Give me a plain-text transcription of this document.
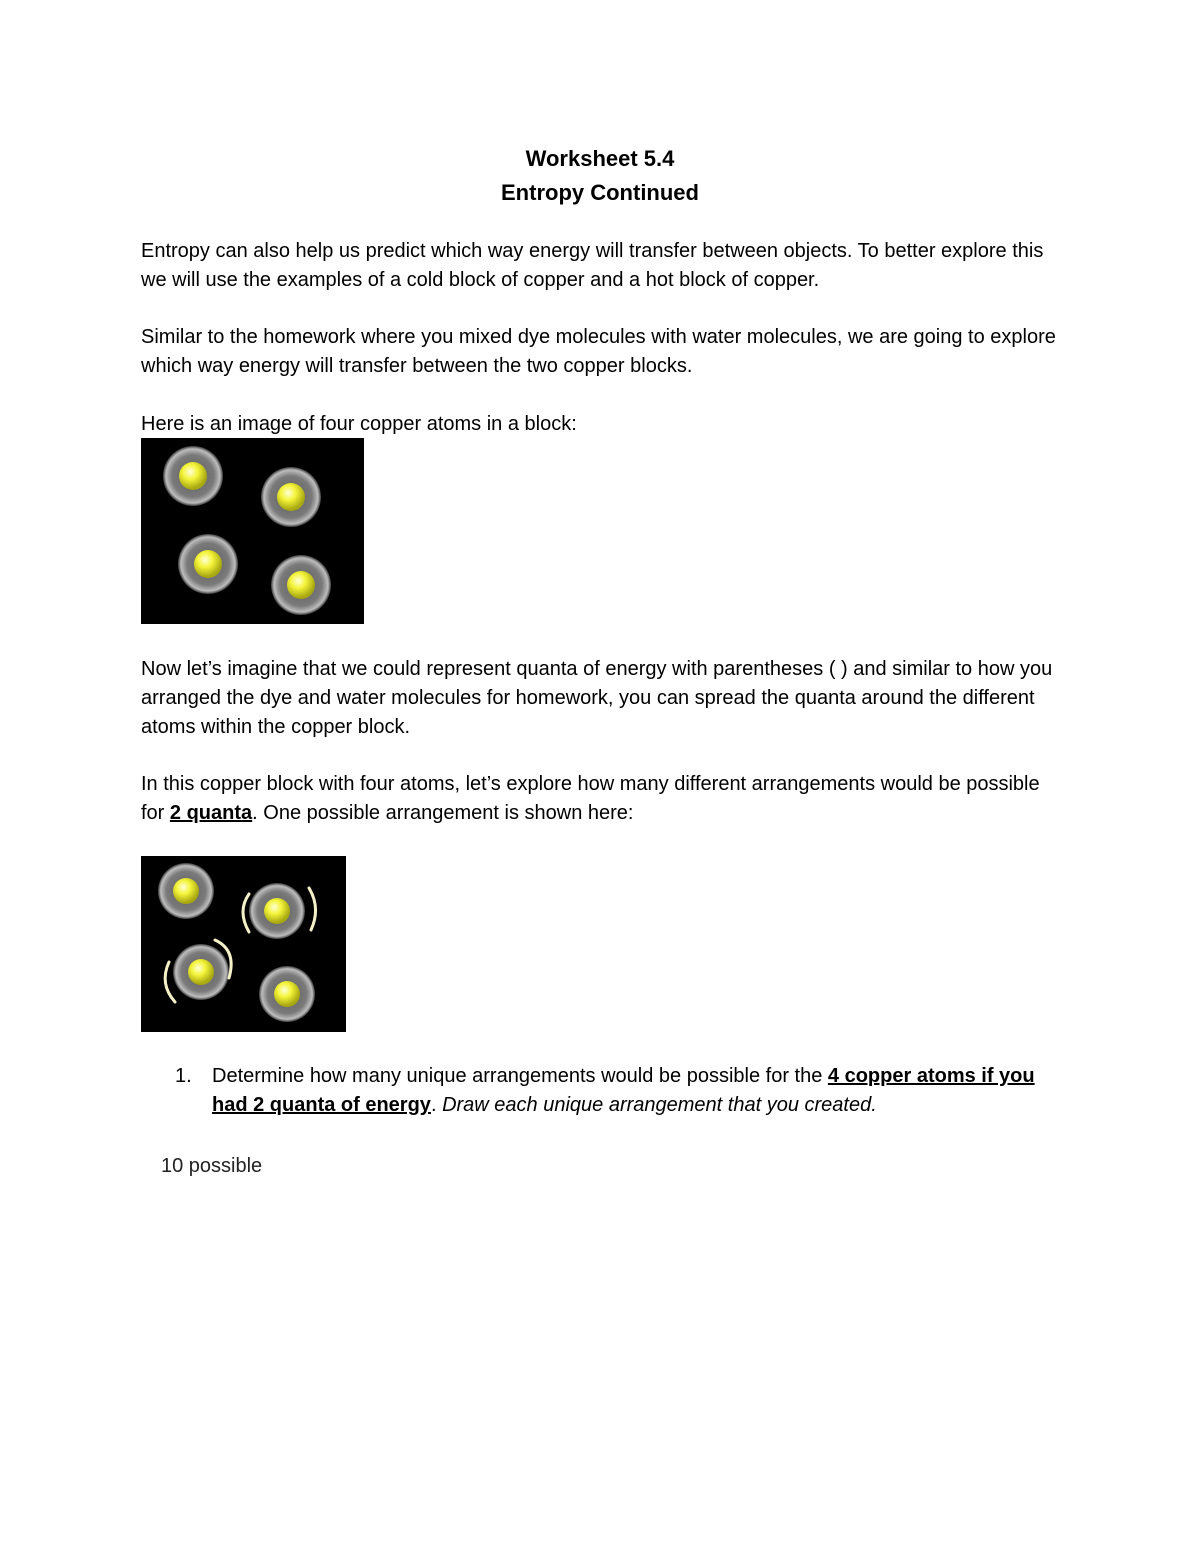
Worksheet 5.4
Entropy Continued

Entropy can also help us predict which way energy will transfer between objects. To better explore this we will use the examples of a cold block of copper and a hot block of copper.

Similar to the homework where you mixed dye molecules with water molecules, we are going to explore which way energy will transfer between the two copper blocks.

Here is an image of four copper atoms in a block:

Now let’s imagine that we could represent quanta of energy with parentheses ( ) and similar to how you arranged the dye and water molecules for homework, you can spread the quanta around the different atoms within the copper block.

In this copper block with four atoms, let’s explore how many different arrangements would be possible for 2 quanta. One possible arrangement is shown here:

1. Determine how many unique arrangements would be possible for the 4 copper atoms if you had 2 quanta of energy. Draw each unique arrangement that you created.
10 possible
